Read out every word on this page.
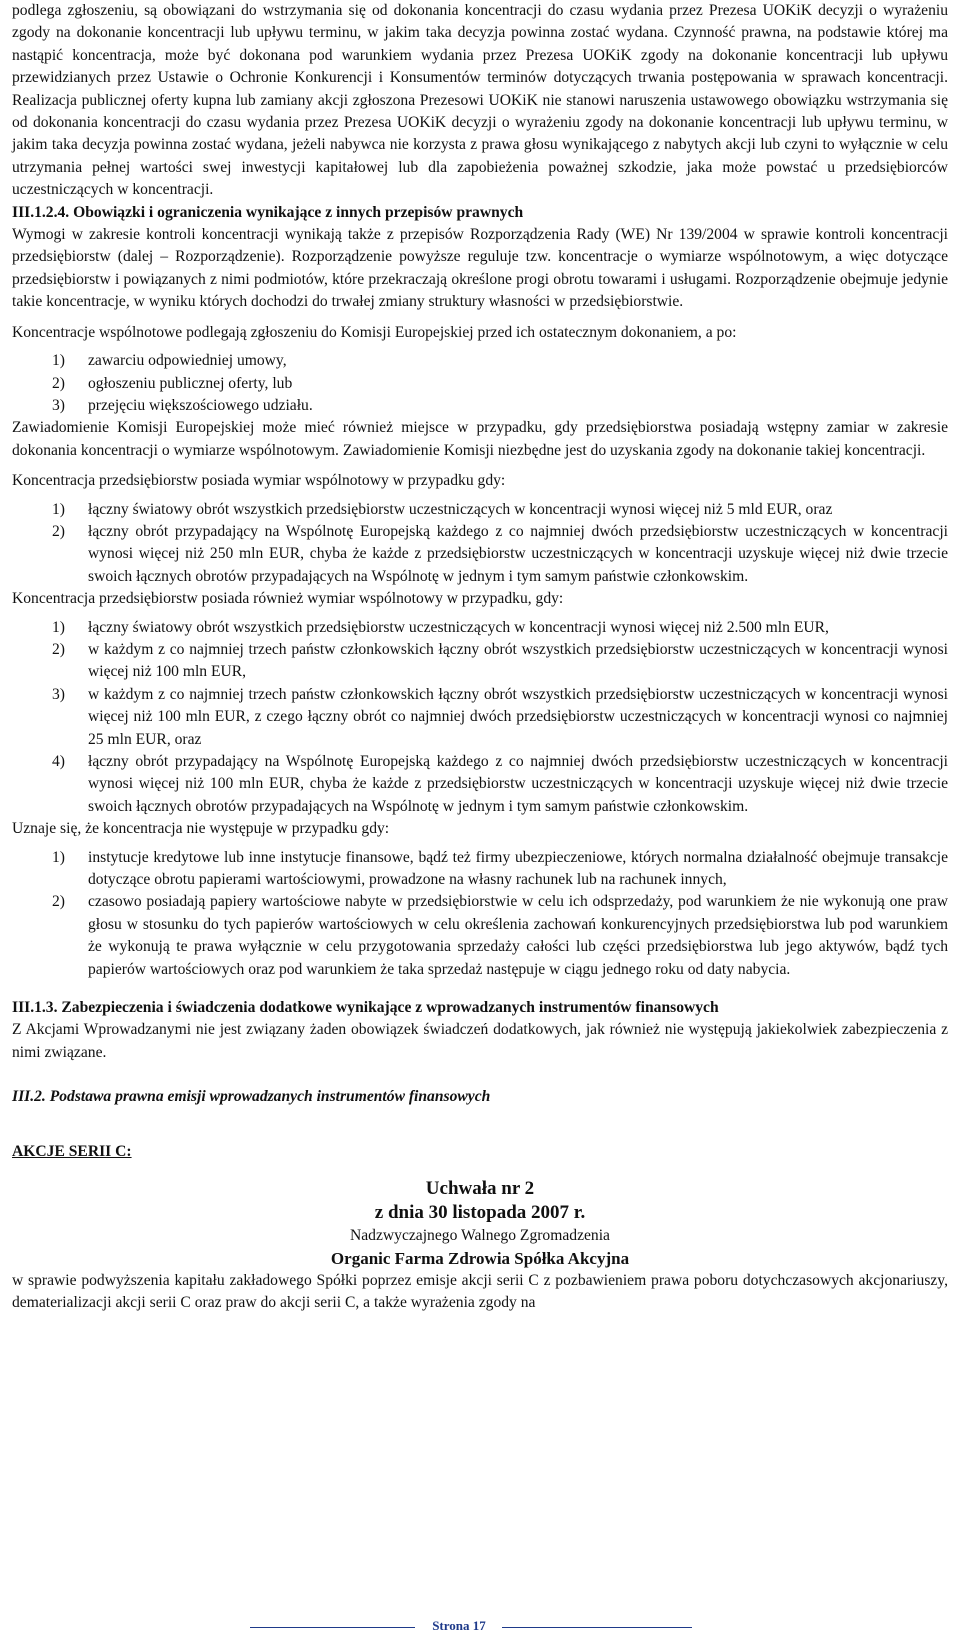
podlega zgłoszeniu, są obowiązani do wstrzymania się od dokonania koncentracji do czasu wydania przez Prezesa UOKiK decyzji o wyrażeniu zgody na dokonanie koncentracji lub upływu terminu, w jakim taka decyzja powinna zostać wydana. Czynność prawna, na podstawie której ma nastąpić koncentracja, może być dokonana pod warunkiem wydania przez Prezesa UOKiK zgody na dokonanie koncentracji lub upływu przewidzianych przez Ustawie o Ochronie Konkurencji i Konsumentów terminów dotyczących trwania postępowania w sprawach koncentracji. Realizacja publicznej oferty kupna lub zamiany akcji zgłoszona Prezesowi UOKiK nie stanowi naruszenia ustawowego obowiązku wstrzymania się od dokonania koncentracji do czasu wydania przez Prezesa UOKiK decyzji o wyrażeniu zgody na dokonanie koncentracji lub upływu terminu, w jakim taka decyzja powinna zostać wydana, jeżeli nabywca nie korzysta z prawa głosu wynikającego z nabytych akcji lub czyni to wyłącznie w celu utrzymania pełnej wartości swej inwestycji kapitałowej lub dla zapobieżenia poważnej szkodzie, jaka może powstać u przedsiębiorców uczestniczących w koncentracji.

III.1.2.4. Obowiązki i ograniczenia wynikające z innych przepisów prawnych

Wymogi w zakresie kontroli koncentracji wynikają także z przepisów Rozporządzenia Rady (WE) Nr 139/2004 w sprawie kontroli koncentracji przedsiębiorstw (dalej – Rozporządzenie). Rozporządzenie powyższe reguluje tzw. koncentracje o wymiarze wspólnotowym, a więc dotyczące przedsiębiorstw i powiązanych z nimi podmiotów, które przekraczają określone progi obrotu towarami i usługami. Rozporządzenie obejmuje jedynie takie koncentracje, w wyniku których dochodzi do trwałej zmiany struktury własności w przedsiębiorstwie.

Koncentracje wspólnotowe podlegają zgłoszeniu do Komisji Europejskiej przed ich ostatecznym dokonaniem, a po:

1) zawarciu odpowiedniej umowy,
2) ogłoszeniu publicznej oferty, lub
3) przejęciu większościowego udziału.

Zawiadomienie Komisji Europejskiej może mieć również miejsce w przypadku, gdy przedsiębiorstwa posiadają wstępny zamiar w zakresie dokonania koncentracji o wymiarze wspólnotowym. Zawiadomienie Komisji niezbędne jest do uzyskania zgody na dokonanie takiej koncentracji.

Koncentracja przedsiębiorstw posiada wymiar wspólnotowy w przypadku gdy:

1) łączny światowy obrót wszystkich przedsiębiorstw uczestniczących w koncentracji wynosi więcej niż 5 mld EUR, oraz
2) łączny obrót przypadający na Wspólnotę Europejską każdego z co najmniej dwóch przedsiębiorstw uczestniczących w koncentracji wynosi więcej niż 250 mln EUR, chyba że każde z przedsiębiorstw uczestniczących w koncentracji uzyskuje więcej niż dwie trzecie swoich łącznych obrotów przypadających na Wspólnotę w jednym i tym samym państwie członkowskim.

Koncentracja przedsiębiorstw posiada również wymiar wspólnotowy w przypadku, gdy:

1) łączny światowy obrót wszystkich przedsiębiorstw uczestniczących w koncentracji wynosi więcej niż 2.500 mln EUR,
2) w każdym z co najmniej trzech państw członkowskich łączny obrót wszystkich przedsiębiorstw uczestniczących w koncentracji wynosi więcej niż 100 mln EUR,
3) w każdym z co najmniej trzech państw członkowskich łączny obrót wszystkich przedsiębiorstw uczestniczących w koncentracji wynosi więcej niż 100 mln EUR, z czego łączny obrót co najmniej dwóch przedsiębiorstw uczestniczących w koncentracji wynosi co najmniej 25 mln EUR, oraz
4) łączny obrót przypadający na Wspólnotę Europejską każdego z co najmniej dwóch przedsiębiorstw uczestniczących w koncentracji wynosi więcej niż 100 mln EUR, chyba że każde z przedsiębiorstw uczestniczących w koncentracji uzyskuje więcej niż dwie trzecie swoich łącznych obrotów przypadających na Wspólnotę w jednym i tym samym państwie członkowskim.

Uznaje się, że koncentracja nie występuje w przypadku gdy:

1) instytucje kredytowe lub inne instytucje finansowe, bądź też firmy ubezpieczeniowe, których normalna działalność obejmuje transakcje dotyczące obrotu papierami wartościowymi, prowadzone na własny rachunek lub na rachunek innych,
2) czasowo posiadają papiery wartościowe nabyte w przedsiębiorstwie w celu ich odsprzedaży, pod warunkiem że nie wykonują one praw głosu w stosunku do tych papierów wartościowych w celu określenia zachowań konkurencyjnych przedsiębiorstwa lub pod warunkiem że wykonują te prawa wyłącznie w celu przygotowania sprzedaży całości lub części przedsiębiorstwa lub jego aktywów, bądź tych papierów wartościowych oraz pod warunkiem że taka sprzedaż następuje w ciągu jednego roku od daty nabycia.

III.1.3. Zabezpieczenia i świadczenia dodatkowe wynikające z wprowadzanych instrumentów finansowych

Z Akcjami Wprowadzanymi nie jest związany żaden obowiązek świadczeń dodatkowych, jak również nie występują jakiekolwiek zabezpieczenia z nimi związane.

III.2. Podstawa prawna emisji wprowadzanych instrumentów finansowych

AKCJE SERII C:

Uchwała nr 2

z dnia 30 listopada 2007 r.

Nadzwyczajnego Walnego Zgromadzenia

Organic Farma Zdrowia Spółka Akcyjna

w sprawie podwyższenia kapitału zakładowego Spółki poprzez emisje akcji serii C z pozbawieniem prawa poboru dotychczasowych akcjonariuszy, dematerializacji akcji serii C oraz praw do akcji serii C, a także wyrażenia zgody na

Strona 17
